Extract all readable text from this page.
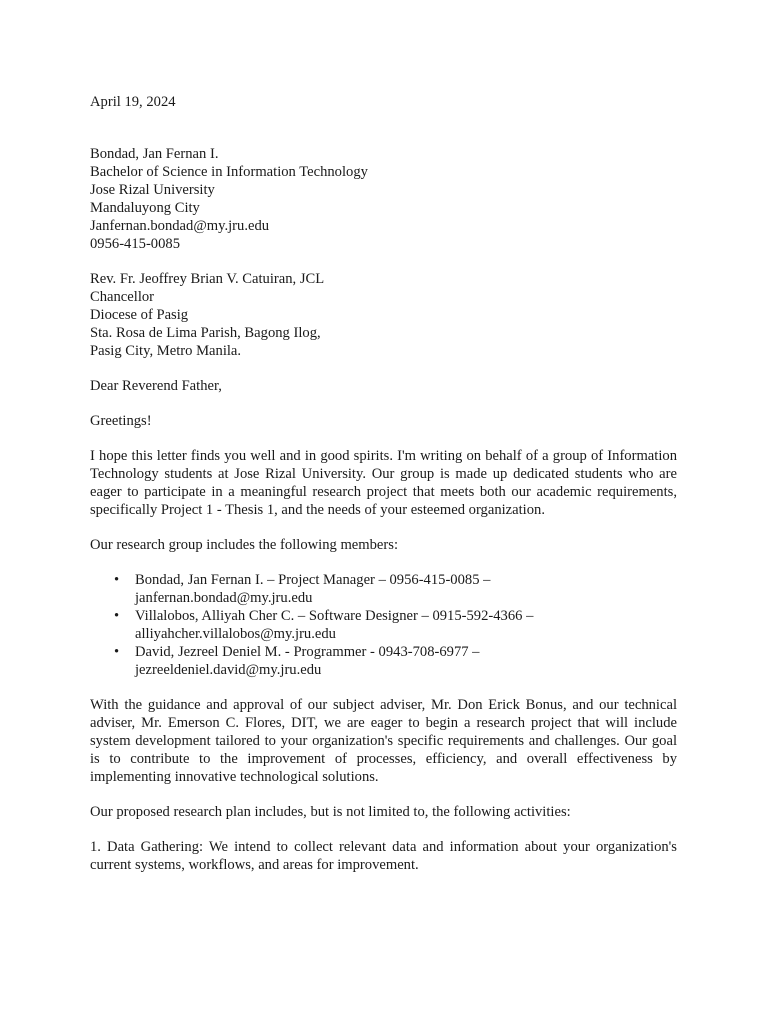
April 19, 2024

Bondad, Jan Fernan I.

Bachelor of Science in Information Technology

Jose Rizal University

Mandaluyong City

Janfernan.bondad@my.jru.edu

0956-415-0085

Rev. Fr. Jeoffrey Brian V. Catuiran, JCL

Chancellor

Diocese of Pasig

Sta. Rosa de Lima Parish, Bagong Ilog,

Pasig City, Metro Manila.

Dear Reverend Father,

Greetings!

I hope this letter finds you well and in good spirits. I'm writing on behalf of a group of Information Technology students at Jose Rizal University. Our group is made up dedicated students who are eager to participate in a meaningful research project that meets both our academic requirements, specifically Project 1 - Thesis 1, and the needs of your esteemed organization.

Our research group includes the following members:

• Bondad, Jan Fernan I. – Project Manager – 0956-415-0085 –

janfernan.bondad@my.jru.edu

• Villalobos, Alliyah Cher C. – Software Designer – 0915-592-4366 –

alliyahcher.villalobos@my.jru.edu

• David, Jezreel Deniel M. - Programmer - 0943-708-6977 –

jezreeldeniel.david@my.jru.edu

With the guidance and approval of our subject adviser, Mr. Don Erick Bonus, and our technical adviser, Mr. Emerson C. Flores, DIT, we are eager to begin a research project that will include system development tailored to your organization's specific requirements and challenges. Our goal is to contribute to the improvement of processes, efficiency, and overall effectiveness by implementing innovative technological solutions.

Our proposed research plan includes, but is not limited to, the following activities:

1. Data Gathering: We intend to collect relevant data and information about your organization's current systems, workflows, and areas for improvement.
